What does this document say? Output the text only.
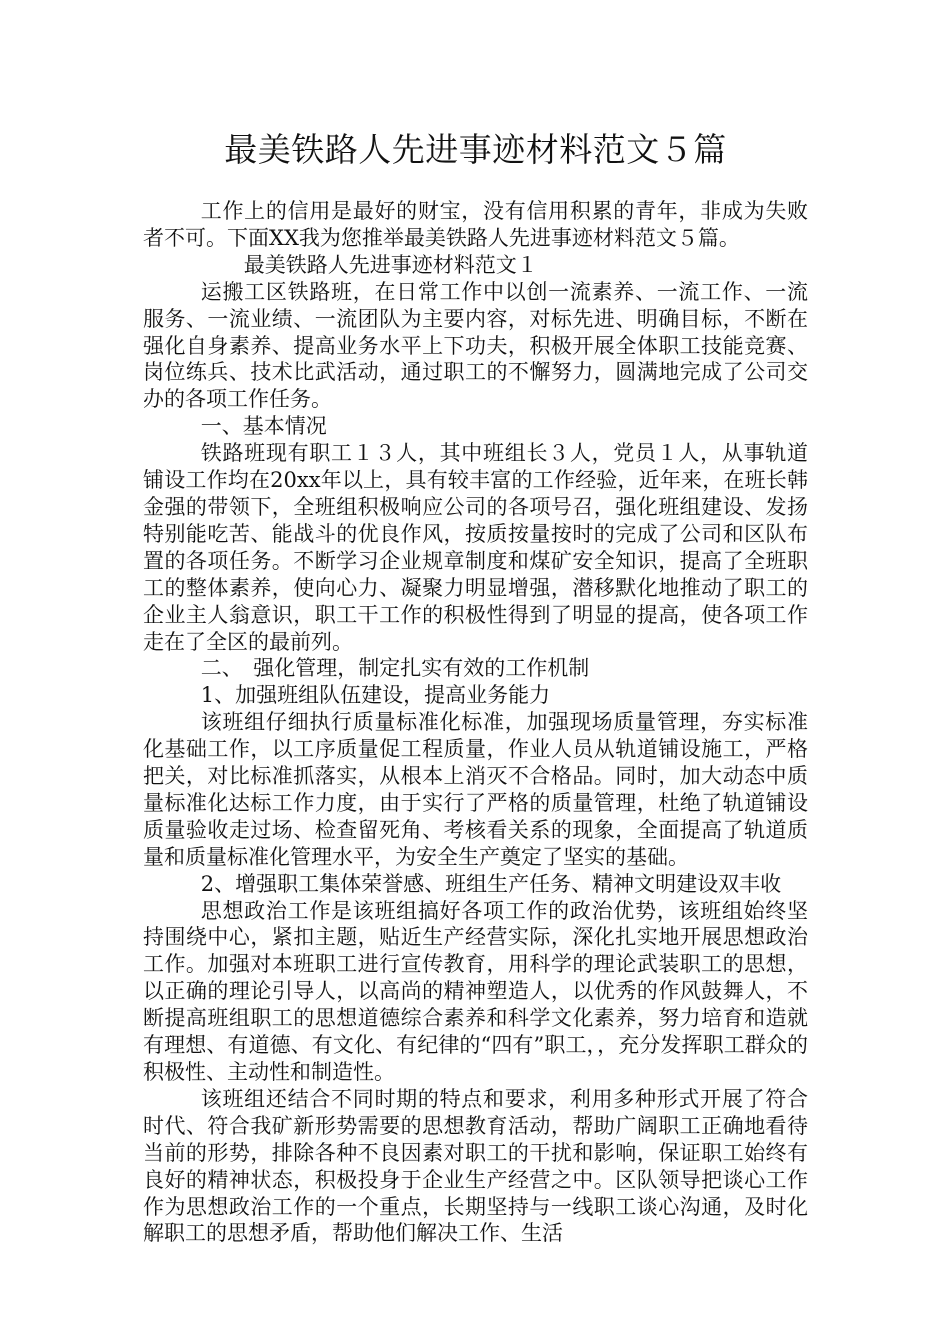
最美铁路人先进事迹材料范文５篇

工作上的信用是最好的财宝，没有信用积累的青年，非成为失败者不可。下面XX我为您推举最美铁路人先进事迹材料范文５篇。

最美铁路人先进事迹材料范文１

运搬工区铁路班，在日常工作中以创一流素养、一流工作、一流服务、一流业绩、一流团队为主要内容，对标先进、明确目标，不断在强化自身素养、提高业务水平上下功夫，积极开展全体职工技能竞赛、岗位练兵、技术比武活动，通过职工的不懈努力，圆满地完成了公司交办的各项工作任务。

一、基本情况

铁路班现有职工１３人，其中班组长３人，党员１人，从事轨道铺设工作均在20xx年以上，具有较丰富的工作经验，近年来，在班长韩金强的带领下，全班组积极响应公司的各项号召，强化班组建设、发扬特别能吃苦、能战斗的优良作风，按质按量按时的完成了公司和区队布置的各项任务。不断学习企业规章制度和煤矿安全知识，提高了全班职工的整体素养，使向心力、凝聚力明显增强，潜移默化地推动了职工的企业主人翁意识，职工干工作的积极性得到了明显的提高，使各项工作走在了全区的最前列。

二、　强化管理，制定扎实有效的工作机制

1、加强班组队伍建设，提高业务能力

该班组仔细执行质量标准化标准，加强现场质量管理，夯实标准化基础工作，以工序质量促工程质量，作业人员从轨道铺设施工，严格把关，对比标准抓落实，从根本上消灭不合格品。同时，加大动态中质量标准化达标工作力度，由于实行了严格的质量管理，杜绝了轨道铺设质量验收走过场、检查留死角、考核看关系的现象，全面提高了轨道质量和质量标准化管理水平，为安全生产奠定了坚实的基础。

2、增强职工集体荣誉感、班组生产任务、精神文明建设双丰收

思想政治工作是该班组搞好各项工作的政治优势，该班组始终坚持围绕中心，紧扣主题，贴近生产经营实际，深化扎实地开展思想政治工作。加强对本班职工进行宣传教育，用科学的理论武装职工的思想，以正确的理论引导人，以高尚的精神塑造人，以优秀的作风鼓舞人，不断提高班组职工的思想道德综合素养和科学文化素养，努力培育和造就有理想、有道德、有文化、有纪律的“四有”职工，，充分发挥职工群众的积极性、主动性和制造性。

该班组还结合不同时期的特点和要求，利用多种形式开展了符合时代、符合我矿新形势需要的思想教育活动，帮助广阔职工正确地看待当前的形势，排除各种不良因素对职工的干扰和影响，保证职工始终有良好的精神状态，积极投身于企业生产经营之中。区队领导把谈心工作作为思想政治工作的一个重点，长期坚持与一线职工谈心沟通，及时化解职工的思想矛盾，帮助他们解决工作、生活
